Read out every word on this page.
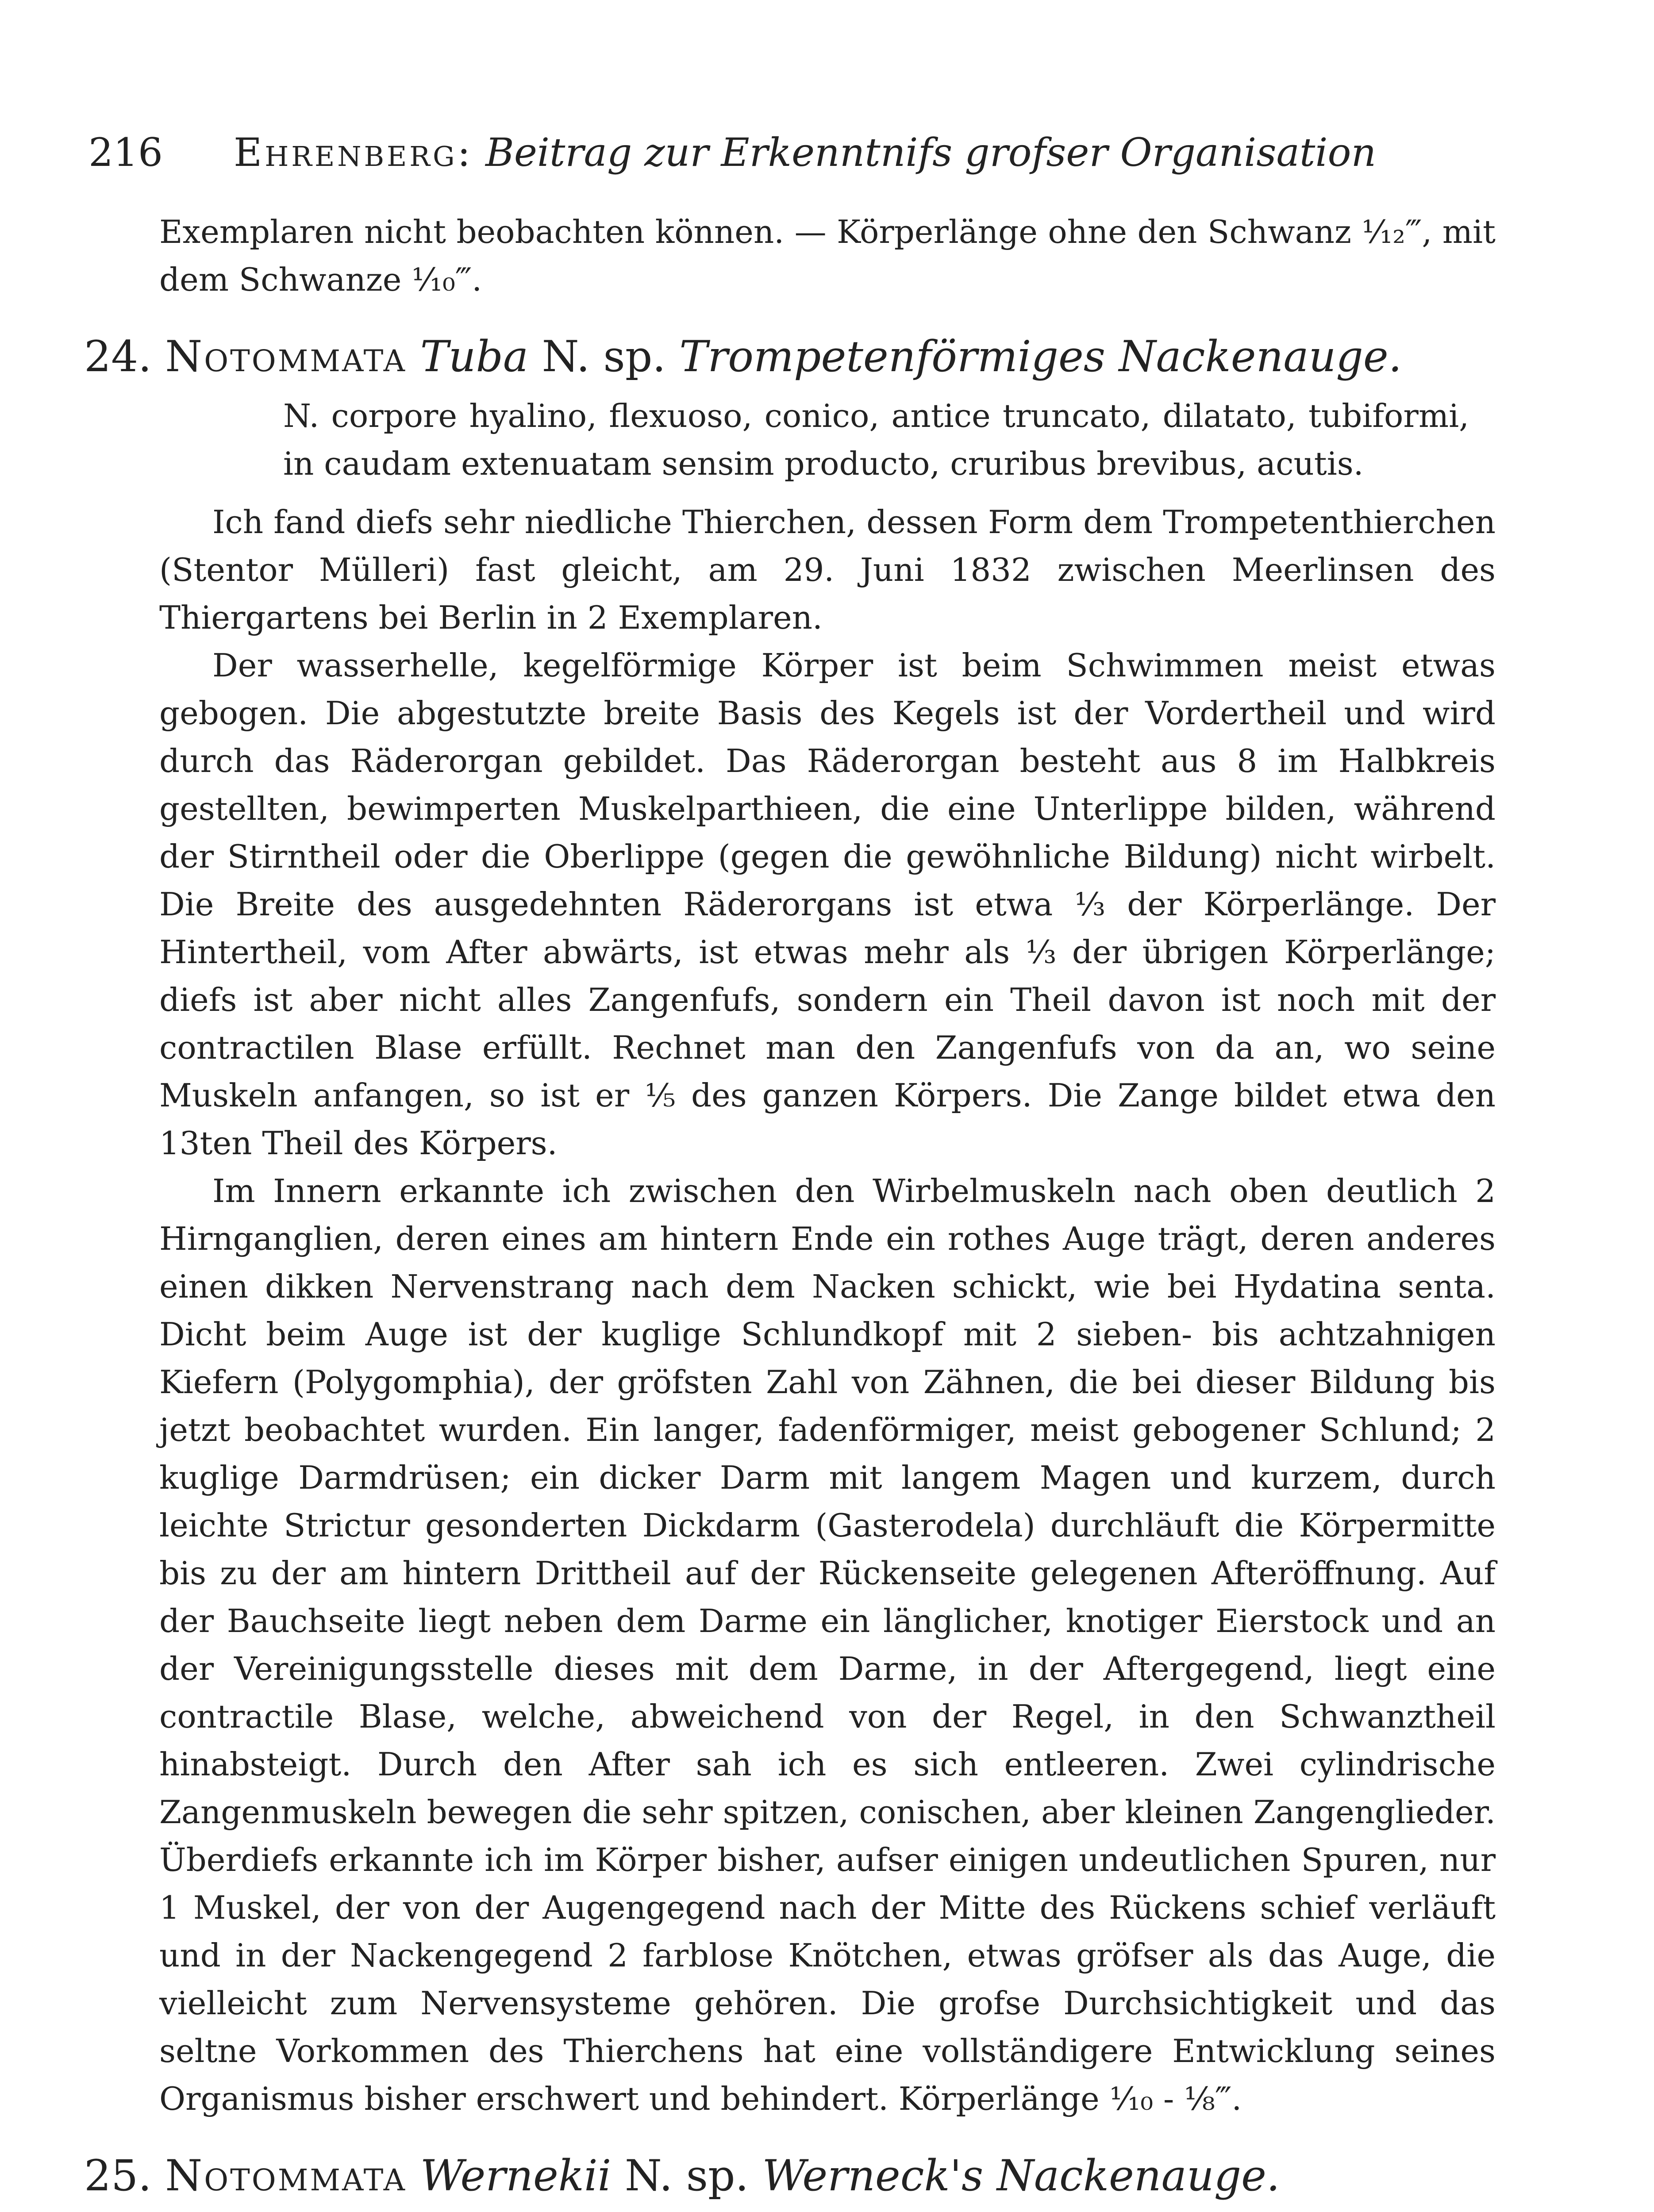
216 Ehrenberg: Beitrag zur Erkenntnifs grofser Organisation

Exemplaren nicht beobachten können. — Körperlänge ohne den Schwanz ¹⁄₁₂‴, mit dem Schwanze ¹⁄₁₀‴.

24. Notommata Tuba N. sp. Trompetenförmiges Nackenauge.

N. corpore hyalino, flexuoso, conico, antice truncato, dilatato, tubiformi, in caudam extenuatam sensim producto, cruribus brevibus, acutis.

Ich fand diefs sehr niedliche Thierchen, dessen Form dem Trompetenthierchen (Stentor Mülleri) fast gleicht, am 29. Juni 1832 zwischen Meerlinsen des Thiergartens bei Berlin in 2 Exemplaren.

Der wasserhelle, kegelförmige Körper ist beim Schwimmen meist etwas gebogen. Die abgestutzte breite Basis des Kegels ist der Vordertheil und wird durch das Räderorgan gebildet. Das Räderorgan besteht aus 8 im Halbkreis gestellten, bewimperten Muskelparthieen, die eine Unterlippe bilden, während der Stirntheil oder die Oberlippe (gegen die gewöhnliche Bildung) nicht wirbelt. Die Breite des ausgedehnten Räderorgans ist etwa ⅓ der Körperlänge. Der Hintertheil, vom After abwärts, ist etwas mehr als ⅓ der übrigen Körperlänge; diefs ist aber nicht alles Zangenfufs, sondern ein Theil davon ist noch mit der contractilen Blase erfüllt. Rechnet man den Zangenfufs von da an, wo seine Muskeln anfangen, so ist er ⅕ des ganzen Körpers. Die Zange bildet etwa den 13ten Theil des Körpers.

Im Innern erkannte ich zwischen den Wirbelmuskeln nach oben deutlich 2 Hirnganglien, deren eines am hintern Ende ein rothes Auge trägt, deren anderes einen dikken Nervenstrang nach dem Nacken schickt, wie bei Hydatina senta. Dicht beim Auge ist der kuglige Schlundkopf mit 2 sieben- bis achtzahnigen Kiefern (Polygomphia), der gröfsten Zahl von Zähnen, die bei dieser Bildung bis jetzt beobachtet wurden. Ein langer, fadenförmiger, meist gebogener Schlund; 2 kuglige Darmdrüsen; ein dicker Darm mit langem Magen und kurzem, durch leichte Strictur gesonderten Dickdarm (Gasterodela) durchläuft die Körpermitte bis zu der am hintern Drittheil auf der Rückenseite gelegenen Afteröffnung. Auf der Bauchseite liegt neben dem Darme ein länglicher, knotiger Eierstock und an der Vereinigungsstelle dieses mit dem Darme, in der Aftergegend, liegt eine contractile Blase, welche, abweichend von der Regel, in den Schwanztheil hinabsteigt. Durch den After sah ich es sich entleeren. Zwei cylindrische Zangenmuskeln bewegen die sehr spitzen, conischen, aber kleinen Zangenglieder. Überdiefs erkannte ich im Körper bisher, aufser einigen undeutlichen Spuren, nur 1 Muskel, der von der Augengegend nach der Mitte des Rückens schief verläuft und in der Nackengegend 2 farblose Knötchen, etwas gröfser als das Auge, die vielleicht zum Nervensysteme gehören. Die grofse Durchsichtigkeit und das seltne Vorkommen des Thierchens hat eine vollständigere Entwicklung seines Organismus bisher erschwert und behindert. Körperlänge ¹⁄₁₀ - ⅛‴.

25. Notommata Wernekii N. sp. Werneck's Nackenauge.
